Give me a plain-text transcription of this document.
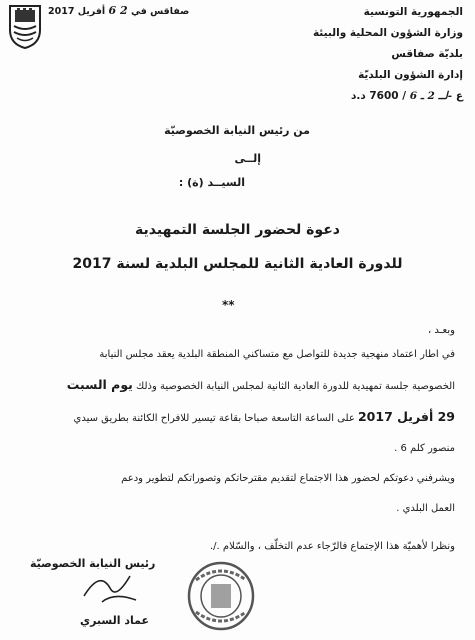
صفاقس في 2 6 أفريل 2017	الجمهورية التونسية
وزارة الشؤون المحلية والبيئة
بلديّة صفاقس
إدارة الشؤون البلديّة
ع -لــ 2 ـ 6 / 7600 د.د
من رئيس النيابة الخصوصيّة
إلــى
السيــد (ة) :
دعوة لحضور الجلسة التمهيدية
للدورة العادية الثانية للمجلس البلدية لسنة 2017
**
وبعـد ،

في اطار اعتماد منهجية جديدة للتواصل مع متساكني المنطقة البلدية يعقد مجلس النيابة

الخصوصية جلسة تمهيدية للدورة العادية الثانية لمجلس النيابة الخصوصية وذلك يوم السبت

29 أفريل 2017 على الساعة التاسعة صباحا بقاعة تيسير للافراح الكائنة بطريق سيدي

منصور كلم 6 .

ويشرفني دعوتكم لحضور هذا الاجتماع لتقديم مقترحاتكم وتصوراتكم لتطوير ودعم

العمل البلدي .

ونظرا لأهميّة هذا الإجتماع فالرّجاء عدم التخلّف ، والسّلام ./.

رئيس النيابة الخصوصيّة
عماد السبري
